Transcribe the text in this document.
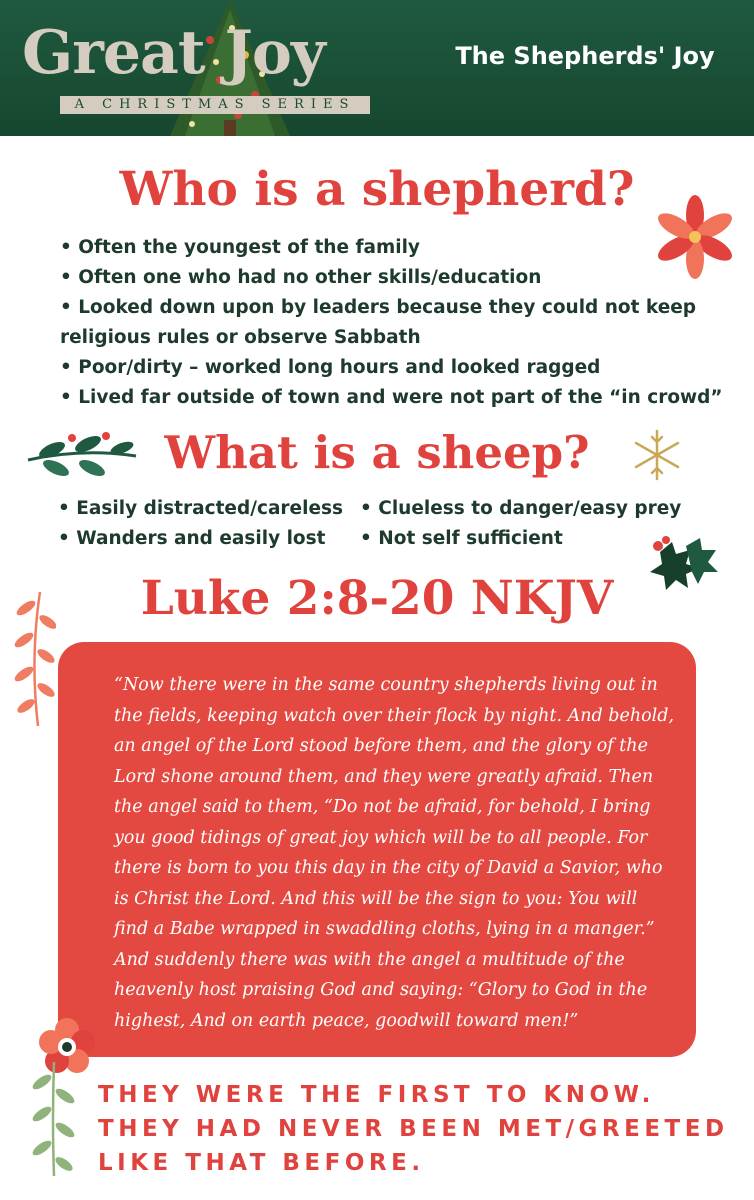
Great Joy
A CHRISTMAS SERIES
The Shepherds' Joy
Who is a shepherd?
• Often the youngest of the family
• Often one who had no other skills/education
• Looked down upon by leaders because they could not keep religious rules or observe Sabbath
• Poor/dirty – worked long hours and looked ragged
• Lived far outside of town and were not part of the “in crowd”
What is a sheep?
• Easily distracted/careless
• Wanders and easily lost
• Clueless to danger/easy prey
• Not self sufficient
Luke 2:8-20 NKJV
“Now there were in the same country shepherds living out in the fields, keeping watch over their flock by night. And behold, an angel of the Lord stood before them, and the glory of the Lord shone around them, and they were greatly afraid. Then the angel said to them, “Do not be afraid, for behold, I bring you good tidings of great joy which will be to all people. For there is born to you this day in the city of David a Savior, who is Christ the Lord. And this will be the sign to you: You will find a Babe wrapped in swaddling cloths, lying in a manger.” And suddenly there was with the angel a multitude of the heavenly host praising God and saying: “Glory to God in the highest, And on earth peace, goodwill toward men!”
THEY WERE THE FIRST TO KNOW. THEY HAD NEVER BEEN MET/GREETED LIKE THAT BEFORE.
